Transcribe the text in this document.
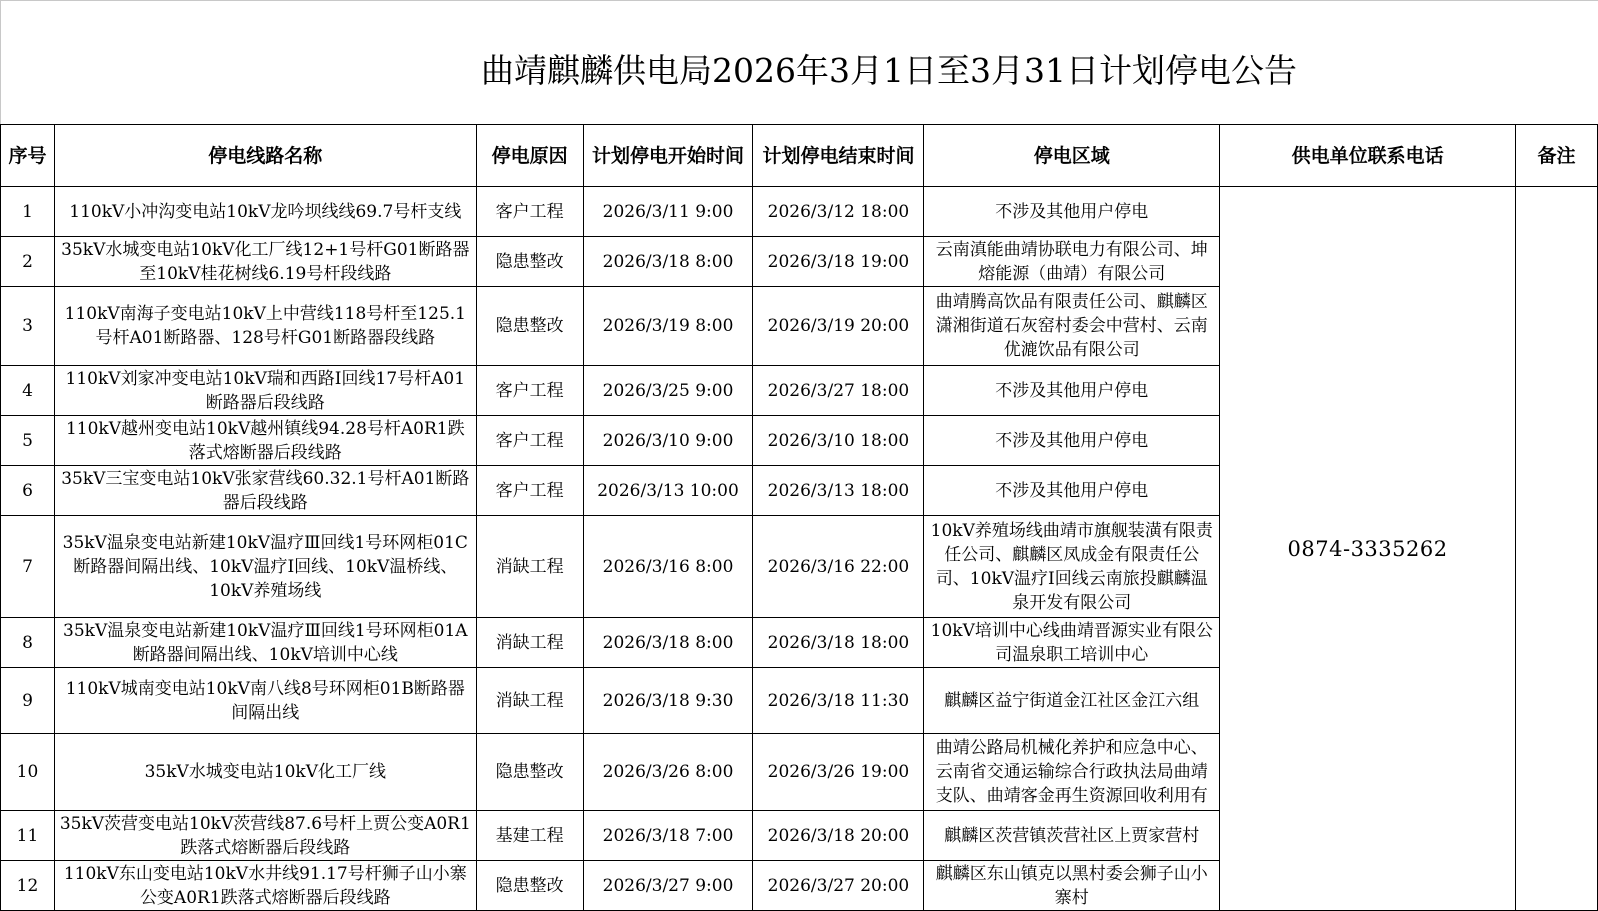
曲靖麒麟供电局2026年3月1日至3月31日计划停电公告
序号	停电线路名称	停电原因	计划停电开始时间	计划停电结束时间	停电区域	供电单位联系电话	备注
1	110kV小冲沟变电站10kV龙吟坝线线69.7号杆支线	客户工程	2026/3/11 9:00	2026/3/12 18:00	不涉及其他用户停电	0874-3335262	
2	35kV水城变电站10kV化工厂线12+1号杆G01断路器至10kV桂花树线6.19号杆段线路	隐患整改	2026/3/18 8:00	2026/3/18 19:00	云南滇能曲靖协联电力有限公司、坤熔能源（曲靖）有限公司		
3	110kV南海子变电站10kV上中营线118号杆至125.1号杆A01断路器、128号杆G01断路器段线路	隐患整改	2026/3/19 8:00	2026/3/19 20:00	曲靖腾高饮品有限责任公司、麒麟区潇湘街道石灰窑村委会中营村、云南优漉饮品有限公司		
4	110kV刘家冲变电站10kV瑞和西路Ⅰ回线17号杆A01断路器后段线路	客户工程	2026/3/25 9:00	2026/3/27 18:00	不涉及其他用户停电		
5	110kV越州变电站10kV越州镇线94.28号杆A0R1跌落式熔断器后段线路	客户工程	2026/3/10 9:00	2026/3/10 18:00	不涉及其他用户停电		
6	35kV三宝变电站10kV张家营线60.32.1号杆A01断路器后段线路	客户工程	2026/3/13 10:00	2026/3/13 18:00	不涉及其他用户停电		
7	35kV温泉变电站新建10kV温疗Ⅲ回线1号环网柜01C断路器间隔出线、10kV温疗Ⅰ回线、10kV温桥线、10kV养殖场线	消缺工程	2026/3/16 8:00	2026/3/16 22:00	10kV养殖场线曲靖市旗舰装潢有限责任公司、麒麟区凤成金有限责任公司、10kV温疗Ⅰ回线云南旅投麒麟温泉开发有限公司		
8	35kV温泉变电站新建10kV温疗Ⅲ回线1号环网柜01A断路器间隔出线、10kV培训中心线	消缺工程	2026/3/18 8:00	2026/3/18 18:00	10kV培训中心线曲靖晋源实业有限公司温泉职工培训中心		
9	110kV城南变电站10kV南八线8号环网柜01B断路器间隔出线	消缺工程	2026/3/18 9:30	2026/3/18 11:30	麒麟区益宁街道金江社区金江六组		
10	35kV水城变电站10kV化工厂线	隐患整改	2026/3/26 8:00	2026/3/26 19:00	曲靖公路局机械化养护和应急中心、云南省交通运输综合行政执法局曲靖支队、曲靖客金再生资源回收利用有		
11	35kV茨营变电站10kV茨营线87.6号杆上贾公变A0R1跌落式熔断器后段线路	基建工程	2026/3/18 7:00	2026/3/18 20:00	麒麟区茨营镇茨营社区上贾家营村		
12	110kV东山变电站10kV水井线91.17号杆狮子山小寨公变A0R1跌落式熔断器后段线路	隐患整改	2026/3/27 9:00	2026/3/27 20:00	麒麟区东山镇克以黑村委会狮子山小寨村		
